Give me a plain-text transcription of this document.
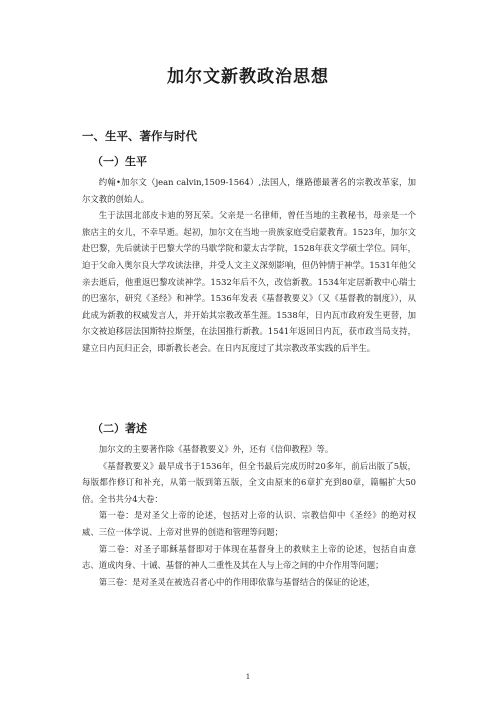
加尔文新教政治思想
一、生平、著作与时代
（一）生平

约翰•加尔文（jean calvin,1509-1564）,法国人，继路德最著名的宗教改革家，加尔文教的创始人。

生于法国北部皮卡迪的努瓦荣。父亲是一名律师，曾任当地的主教秘书，母亲是一个旅店主的女儿，不幸早逝。起初，加尔文在当地一贵族家庭受启蒙教育。1523年，加尔文赴巴黎，先后就读于巴黎大学的马歇学院和蒙太古学院，1528年获文学硕士学位。同年，迫于父命入奥尔良大学攻读法律，并受人文主义深刻影响，但仍钟情于神学。1531年他父亲去逝后，他重返巴黎攻读神学。1532年后不久，改信新教。1534年定居新教中心瑞士的巴塞尔，研究《圣经》和神学。1536年发表《基督教要义》（又《基督教的制度》），从此成为新教的权威发言人，并开始其宗教改革生涯。1538年，日内瓦市政府发生更替，加尔文被迫移居法国斯特拉斯堡，在法国推行新教。1541年返回日内瓦，获市政当局支持，建立日内瓦归正会，即新教长老会。在日内瓦度过了其宗教改革实践的后半生。

（二）著述

加尔文的主要著作除《基督教要义》外，还有《信仰教程》等。

《基督教要义》最早成书于1536年，但全书最后完成历时20多年，前后出版了5版，每版都作修订和补充，从第一版到第五版，全文由原来的6章扩充到80章，篇幅扩大50倍。全书共分4大卷：

第一卷：是对圣父上帝的论述，包括对上帝的认识、宗教信仰中《圣经》的绝对权威、三位一体学说、上帝对世界的创造和管理等问题；

第二卷：对圣子耶稣基督即对于体现在基督身上的救赎主上帝的论述，包括自由意志、道成肉身、十诫、基督的神人二重性及其在人与上帝之间的中介作用等问题；

第三卷：是对圣灵在被选召者心中的作用即依靠与基督结合的保证的论述，

1
